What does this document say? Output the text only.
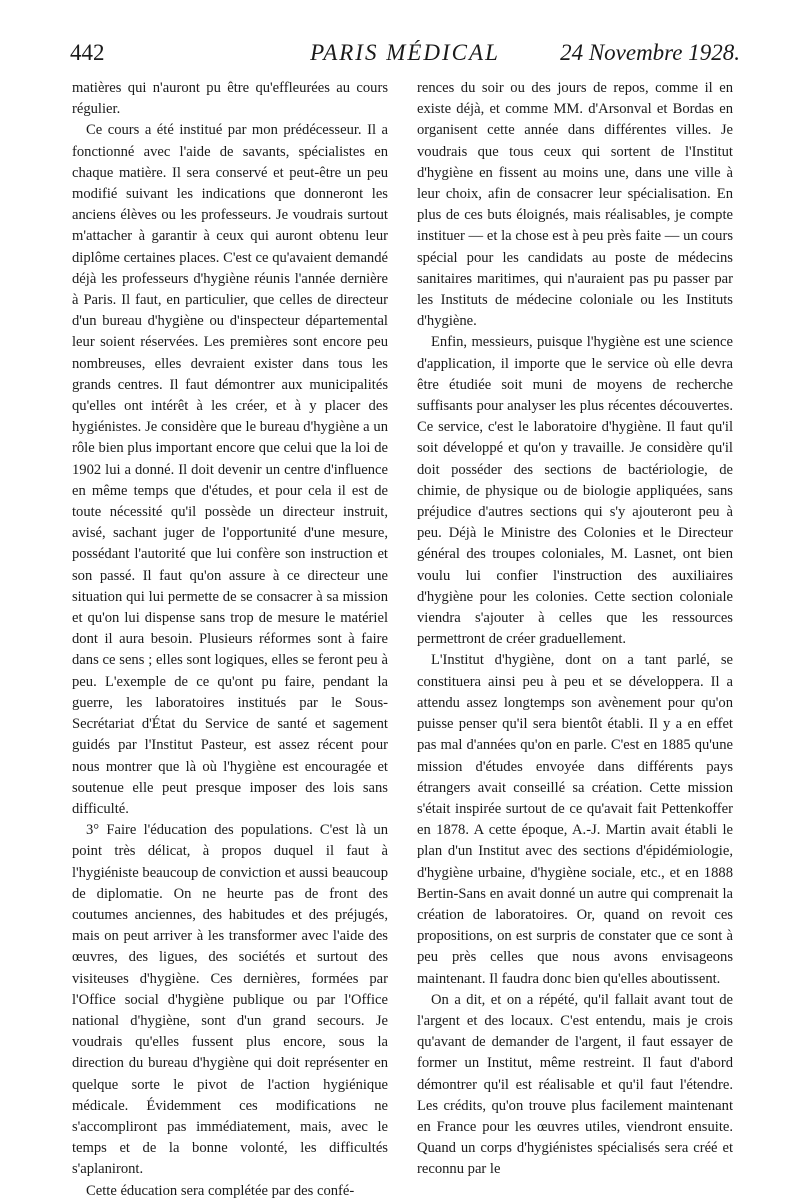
442	PARIS MÉDICAL	24 Novembre 1928.

matières qui n'auront pu être qu'effleurées au cours régulier.

Ce cours a été institué par mon prédécesseur. Il a fonctionné avec l'aide de savants, spécialistes en chaque matière. Il sera conservé et peut-être un peu modifié suivant les indications que donneront les anciens élèves ou les professeurs. Je voudrais surtout m'attacher à garantir à ceux qui auront obtenu leur diplôme certaines places. C'est ce qu'avaient demandé déjà les professeurs d'hygiène réunis l'année dernière à Paris. Il faut, en particulier, que celles de directeur d'un bureau d'hygiène ou d'inspecteur départemental leur soient réservées. Les premières sont encore peu nombreuses, elles devraient exister dans tous les grands centres. Il faut démontrer aux municipalités qu'elles ont intérêt à les créer, et à y placer des hygiénistes. Je considère que le bureau d'hygiène a un rôle bien plus important encore que celui que la loi de 1902 lui a donné. Il doit devenir un centre d'influence en même temps que d'études, et pour cela il est de toute nécessité qu'il possède un directeur instruit, avisé, sachant juger de l'opportunité d'une mesure, possédant l'autorité que lui confère son instruction et son passé. Il faut qu'on assure à ce directeur une situation qui lui permette de se consacrer à sa mission et qu'on lui dispense sans trop de mesure le matériel dont il aura besoin. Plusieurs réformes sont à faire dans ce sens ; elles sont logiques, elles se feront peu à peu. L'exemple de ce qu'ont pu faire, pendant la guerre, les laboratoires institués par le Sous-Secrétariat d'État du Service de santé et sagement guidés par l'Institut Pasteur, est assez récent pour nous montrer que là où l'hygiène est encouragée et soutenue elle peut presque imposer des lois sans difficulté.

3° Faire l'éducation des populations. C'est là un point très délicat, à propos duquel il faut à l'hygiéniste beaucoup de conviction et aussi beaucoup de diplomatie. On ne heurte pas de front des coutumes anciennes, des habitudes et des préjugés, mais on peut arriver à les transformer avec l'aide des œuvres, des ligues, des sociétés et surtout des visiteuses d'hygiène. Ces dernières, formées par l'Office social d'hygiène publique ou par l'Office national d'hygiène, sont d'un grand secours. Je voudrais qu'elles fussent plus encore, sous la direction du bureau d'hygiène qui doit représenter en quelque sorte le pivot de l'action hygiénique médicale. Évidemment ces modifications ne s'accompliront pas immédiatement, mais, avec le temps et de la bonne volonté, les difficultés s'aplaniront.

Cette éducation sera complétée par des confé-

rences du soir ou des jours de repos, comme il en existe déjà, et comme MM. d'Arsonval et Bordas en organisent cette année dans différentes villes. Je voudrais que tous ceux qui sortent de l'Institut d'hygiène en fissent au moins une, dans une ville à leur choix, afin de consacrer leur spécialisation. En plus de ces buts éloignés, mais réalisables, je compte instituer — et la chose est à peu près faite — un cours spécial pour les candidats au poste de médecins sanitaires maritimes, qui n'auraient pas pu passer par les Instituts de médecine coloniale ou les Instituts d'hygiène.

Enfin, messieurs, puisque l'hygiène est une science d'application, il importe que le service où elle devra être étudiée soit muni de moyens de recherche suffisants pour analyser les plus récentes découvertes. Ce service, c'est le laboratoire d'hygiène. Il faut qu'il soit développé et qu'on y travaille. Je considère qu'il doit posséder des sections de bactériologie, de chimie, de physique ou de biologie appliquées, sans préjudice d'autres sections qui s'y ajouteront peu à peu. Déjà le Ministre des Colonies et le Directeur général des troupes coloniales, M. Lasnet, ont bien voulu lui confier l'instruction des auxiliaires d'hygiène pour les colonies. Cette section coloniale viendra s'ajouter à celles que les ressources permettront de créer graduellement.

L'Institut d'hygiène, dont on a tant parlé, se constituera ainsi peu à peu et se développera. Il a attendu assez longtemps son avènement pour qu'on puisse penser qu'il sera bientôt établi. Il y a en effet pas mal d'années qu'on en parle. C'est en 1885 qu'une mission d'études envoyée dans différents pays étrangers avait conseillé sa création. Cette mission s'était inspirée surtout de ce qu'avait fait Pettenkoffer en 1878. A cette époque, A.-J. Martin avait établi le plan d'un Institut avec des sections d'épidémiologie, d'hygiène urbaine, d'hygiène sociale, etc., et en 1888 Bertin-Sans en avait donné un autre qui comprenait la création de laboratoires. Or, quand on revoit ces propositions, on est surpris de constater que ce sont à peu près celles que nous avons envisageons maintenant. Il faudra donc bien qu'elles aboutissent.

On a dit, et on a répété, qu'il fallait avant tout de l'argent et des locaux. C'est entendu, mais je crois qu'avant de demander de l'argent, il faut essayer de former un Institut, même restreint. Il faut d'abord démontrer qu'il est réalisable et qu'il faut l'étendre. Les crédits, qu'on trouve plus facilement maintenant en France pour les œuvres utiles, viendront ensuite. Quand un corps d'hygiénistes spécialisés sera créé et reconnu par le
